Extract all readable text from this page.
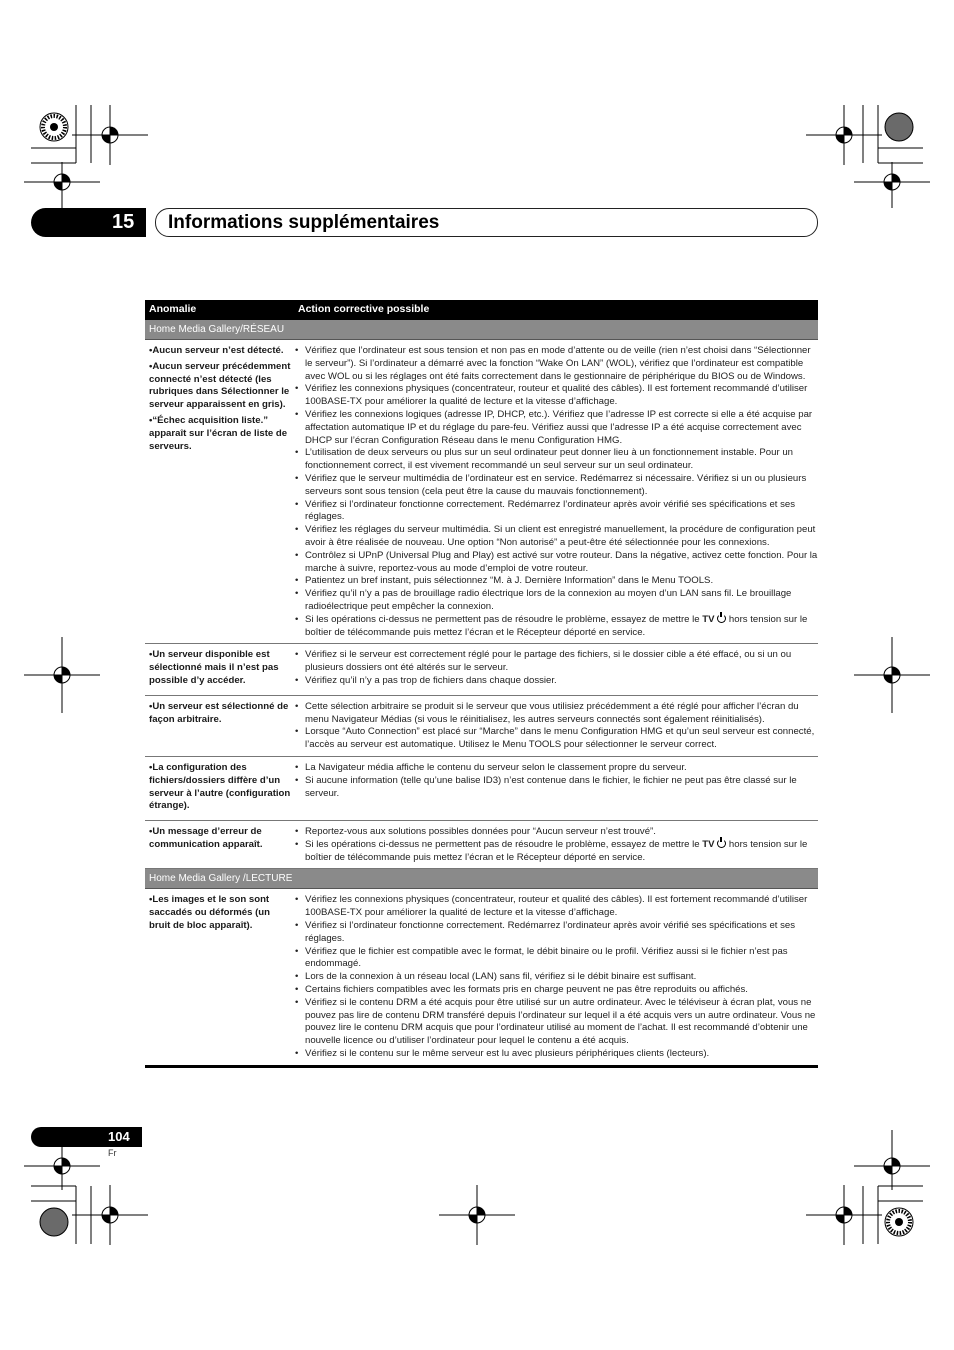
15	Informations supplémentaires
Anomalie	Action corrective possible
Home Media Gallery/RÉSEAU

•Aucun serveur n’est détecté.

•Aucun serveur précédemment connecté n’est détecté (les rubriques dans Sélectionner le serveur apparaissent en gris).

•“Échec acquisition liste.” apparaît sur l’écran de liste de serveurs.

• Vérifiez que l’ordinateur est sous tension et non pas en mode d’attente ou de veille (rien n’est choisi dans “Sélectionner le serveur”). Si l’ordinateur a démarré avec la fonction “Wake On LAN” (WOL), vérifiez que l’ordinateur est compatible avec WOL ou si les réglages ont été faits correctement dans le gestionnaire de périphérique du BIOS ou de Windows.
• Vérifiez les connexions physiques (concentrateur, routeur et qualité des câbles). Il est fortement recommandé d’utiliser 100BASE-TX pour améliorer la qualité de lecture et la vitesse d’affichage.
• Vérifiez les connexions logiques (adresse IP, DHCP, etc.). Vérifiez que l’adresse IP est correcte si elle a été acquise par affectation automatique IP et du réglage du pare-feu. Vérifiez aussi que l’adresse IP a été acquise correctement avec DHCP sur l’écran Configuration Réseau dans le menu Configuration HMG.
• L’utilisation de deux serveurs ou plus sur un seul ordinateur peut donner lieu à un fonctionnement instable. Pour un fonctionnement correct, il est vivement recommandé un seul serveur sur un seul ordinateur.
• Vérifiez que le serveur multimédia de l’ordinateur est en service. Redémarrez si nécessaire. Vérifiez si un ou plusieurs serveurs sont sous tension (cela peut être la cause du mauvais fonctionnement).
• Vérifiez si l’ordinateur fonctionne correctement. Redémarrez l’ordinateur après avoir vérifié ses spécifications et ses réglages.
• Vérifiez les réglages du serveur multimédia. Si un client est enregistré manuellement, la procédure de configuration peut avoir à être réalisée de nouveau. Une option “Non autorisé” a peut-être été sélectionnée pour les connexions.
• Contrôlez si UPnP (Universal Plug and Play) est activé sur votre routeur. Dans la négative, activez cette fonction. Pour la marche à suivre, reportez-vous au mode d’emploi de votre routeur.
• Patientez un bref instant, puis sélectionnez “M. à J. Dernière Information” dans le Menu TOOLS.
• Vérifiez qu’il n’y a pas de brouillage radio électrique lors de la connexion au moyen d’un LAN sans fil. Le brouillage radioélectrique peut empêcher la connexion.
• Si les opérations ci-dessus ne permettent pas de résoudre le problème, essayez de mettre le TV  hors tension sur le boîtier de télécommande puis mettez l’écran et le Récepteur déporté en service.

•Un serveur disponible est sélectionné mais il n’est pas possible d’y accéder.

• Vérifiez si le serveur est correctement réglé pour le partage des fichiers, si le dossier cible a été effacé, ou si un ou plusieurs dossiers ont été altérés sur le serveur.
• Vérifiez qu’il n’y a pas trop de fichiers dans chaque dossier.

•Un serveur est sélectionné de façon arbitraire.

• Cette sélection arbitraire se produit si le serveur que vous utilisiez précédemment a été réglé pour afficher l’écran du menu Navigateur Médias (si vous le réinitialisez, les autres serveurs connectés sont également réinitialisés).
• Lorsque “Auto Connection” est placé sur “Marche” dans le menu Configuration HMG et qu’un seul serveur est connecté, l’accès au serveur est automatique. Utilisez le Menu TOOLS pour sélectionner le serveur correct.

•La configuration des fichiers/dossiers diffère d’un serveur à l’autre (configuration étrange).

• La Navigateur média affiche le contenu du serveur selon le classement propre du serveur.
• Si aucune information (telle qu’une balise ID3) n’est contenue dans le fichier, le fichier ne peut pas être classé sur le serveur.

•Un message d’erreur de communication apparaît.

• Reportez-vous aux solutions possibles données pour “Aucun serveur n’est trouvé”.
• Si les opérations ci-dessus ne permettent pas de résoudre le problème, essayez de mettre le TV  hors tension sur le boîtier de télécommande puis mettez l’écran et le Récepteur déporté en service.
Home Media Gallery /LECTURE

•Les images et le son sont saccadés ou déformés (un bruit de bloc apparaît).

• Vérifiez les connexions physiques (concentrateur, routeur et qualité des câbles). Il est fortement recommandé d’utiliser 100BASE-TX pour améliorer la qualité de lecture et la vitesse d’affichage.
• Vérifiez si l’ordinateur fonctionne correctement. Redémarrez l’ordinateur après avoir vérifié ses spécifications et ses réglages.
• Vérifiez que le fichier est compatible avec le format, le débit binaire ou le profil. Vérifiez aussi si le fichier n’est pas endommagé.
• Lors de la connexion à un réseau local (LAN) sans fil, vérifiez si le débit binaire est suffisant.
• Certains fichiers compatibles avec les formats pris en charge peuvent ne pas être reproduits ou affichés.
• Vérifiez si le contenu DRM a été acquis pour être utilisé sur un autre ordinateur. Avec le téléviseur à écran plat, vous ne pouvez pas lire de contenu DRM transféré depuis l’ordinateur sur lequel il a été acquis vers un autre ordinateur. Vous ne pouvez lire le contenu DRM acquis que pour l’ordinateur utilisé au moment de l’achat. Il est recommandé d’obtenir une nouvelle licence ou d’utiliser l’ordinateur pour lequel le contenu a été acquis.
• Vérifiez si le contenu sur le même serveur est lu avec plusieurs périphériques clients (lecteurs).
104
Fr
